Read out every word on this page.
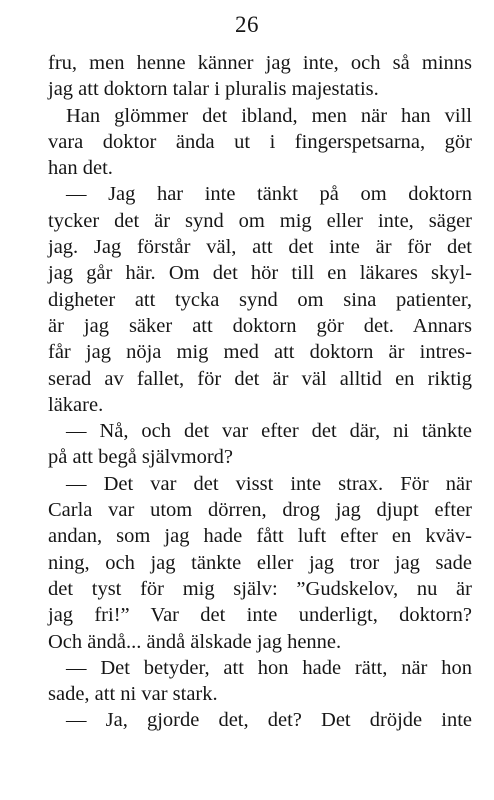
26
fru, men henne känner jag inte, och så minns
jag att doktorn talar i pluralis majestatis.
Han glömmer det ibland, men när han vill
vara doktor ända ut i fingerspetsarna, gör
han det.
— Jag har inte tänkt på om doktorn
tycker det är synd om mig eller inte, säger
jag. Jag förstår väl, att det inte är för det
jag går här. Om det hör till en läkares skyl-
digheter att tycka synd om sina patienter,
är jag säker att doktorn gör det. Annars
får jag nöja mig med att doktorn är intres-
serad av fallet, för det är väl alltid en riktig
läkare.
— Nå, och det var efter det där, ni tänkte
på att begå självmord?
— Det var det visst inte strax. För när
Carla var utom dörren, drog jag djupt efter
andan, som jag hade fått luft efter en kväv-
ning, och jag tänkte eller jag tror jag sade
det tyst för mig själv: ”Gudskelov, nu är
jag fri!” Var det inte underligt, doktorn?
Och ändå... ändå älskade jag henne.
— Det betyder, att hon hade rätt, när hon
sade, att ni var stark.
— Ja, gjorde det, det? Det dröjde inte
